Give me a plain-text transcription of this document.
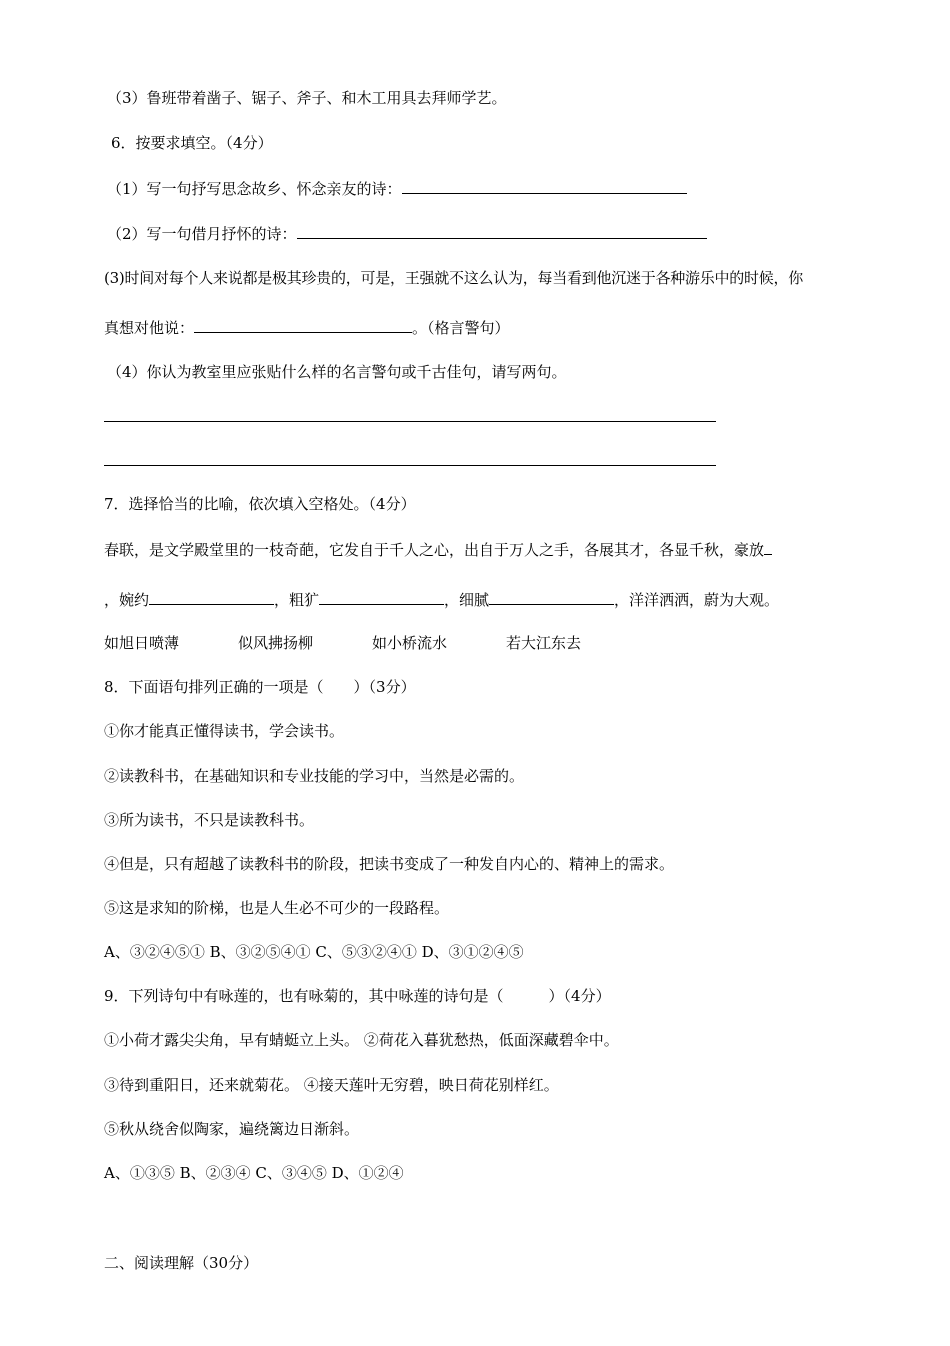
（3）鲁班带着凿子、锯子、斧子、和木工用具去拜师学艺。
6．按要求填空。（4分）
（1）写一句抒写思念故乡、怀念亲友的诗：
（2）写一句借月抒怀的诗：
(3)时间对每个人来说都是极其珍贵的，可是，王强就不这么认为，每当看到他沉迷于各种游乐中的时候，你
真想对他说：	。（格言警句）
（4）你认为教室里应张贴什么样的名言警句或千古佳句，请写两句。
7．选择恰当的比喻，依次填入空格处。（4分）
春联，是文学殿堂里的一枝奇葩，它发自于千人之心，出自于万人之手，各展其才，各显千秋，豪放
，婉约	，粗犷	，细腻	，洋洋洒洒，蔚为大观。
如旭日喷薄	似风拂扬柳	如小桥流水	若大江东去
8．下面语句排列正确的一项是（　　）（3分）
①你才能真正懂得读书，学会读书。
②读教科书，在基础知识和专业技能的学习中，当然是必需的。
③所为读书，不只是读教科书。
④但是，只有超越了读教科书的阶段，把读书变成了一种发自内心的、精神上的需求。
⑤这是求知的阶梯，也是人生必不可少的一段路程。
A、③②④⑤① B、③②⑤④① C、⑤③②④① D、③①②④⑤
9．下列诗句中有咏莲的，也有咏菊的，其中咏莲的诗句是（　　　）（4分）
①小荷才露尖尖角，早有蜻蜓立上头。 ②荷花入暮犹愁热，低面深藏碧伞中。
③待到重阳日，还来就菊花。 ④接天莲叶无穷碧，映日荷花别样红。
⑤秋从绕舍似陶家，遍绕篱边日渐斜。
A、①③⑤ B、②③④ C、③④⑤ D、①②④
二、阅读理解（30分）
